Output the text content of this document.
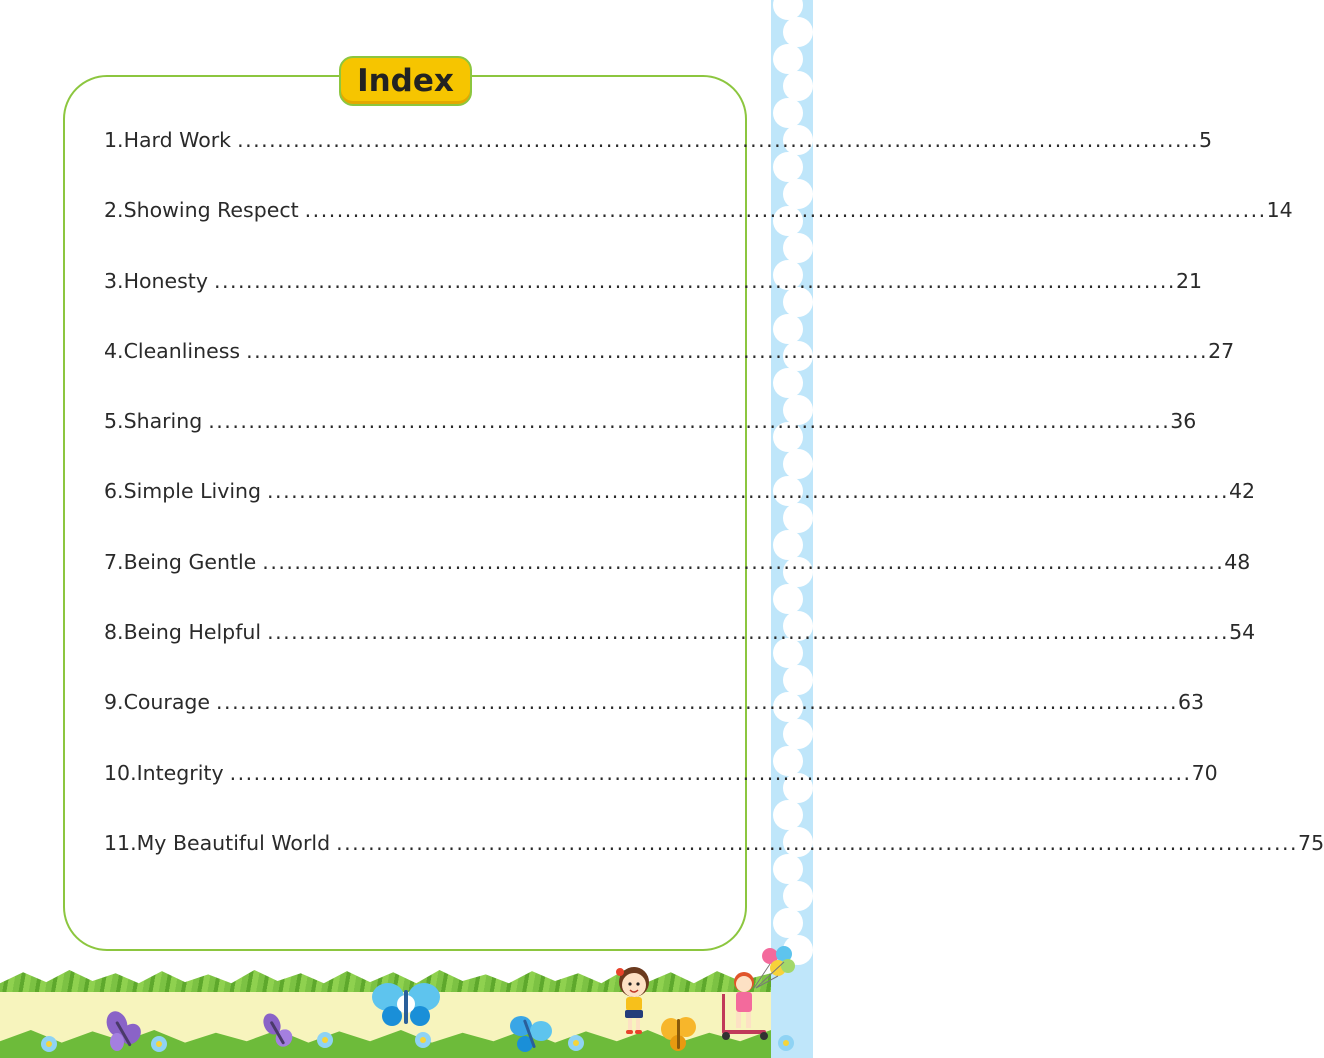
Index
1. Hard Work ........................................................................................................................ 5
2. Showing Respect ........................................................................................................................ 14
3. Honesty ........................................................................................................................ 21
4. Cleanliness ........................................................................................................................ 27
5. Sharing ........................................................................................................................ 36
6. Simple Living ........................................................................................................................ 42
7. Being Gentle ........................................................................................................................ 48
8. Being Helpful ........................................................................................................................ 54
9. Courage ........................................................................................................................ 63
10. Integrity ........................................................................................................................ 70
11. My Beautiful World ........................................................................................................................ 75
